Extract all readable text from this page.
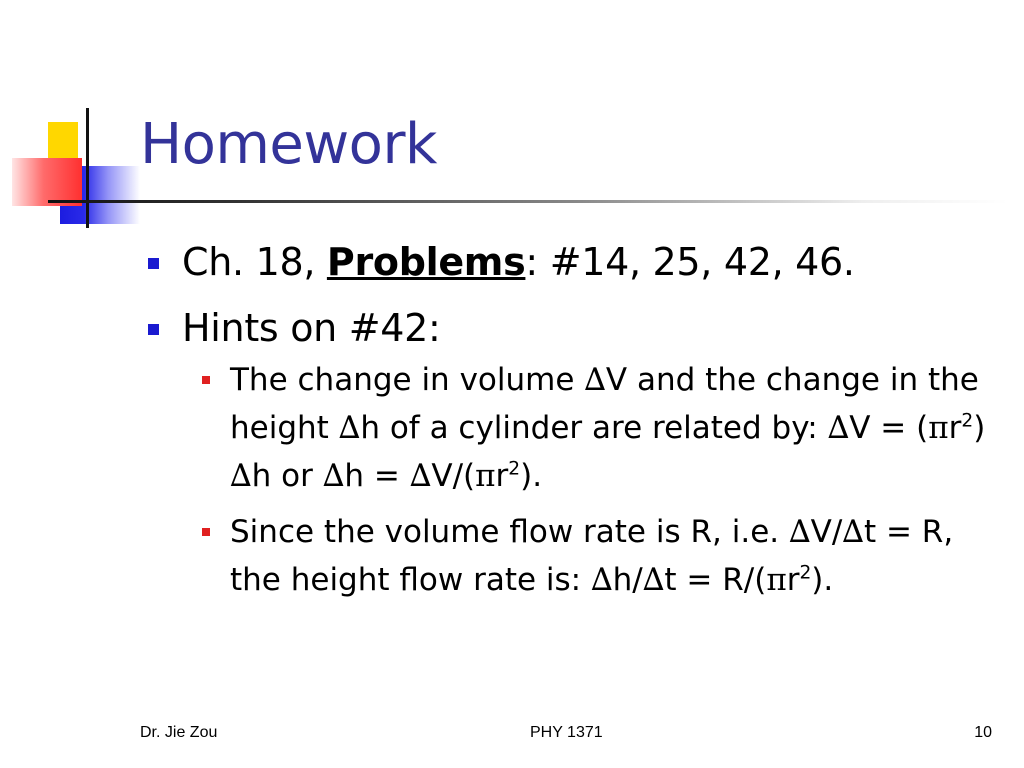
Homework
Ch. 18, Problems: #14, 25, 42, 46.
Hints on #42:
The change in volume ∆V and the change in the height ∆h of a cylinder are related by: $\Delta V = (\pi r^2)$ ∆h or $\Delta h = \Delta V/(\pi r^2)$.
Since the volume flow rate is R, i.e. ∆V/∆t = R, the height flow rate is: $\Delta h/\Delta t = R/(\pi r^2)$.
Dr. Jie Zou	PHY 1371	10
